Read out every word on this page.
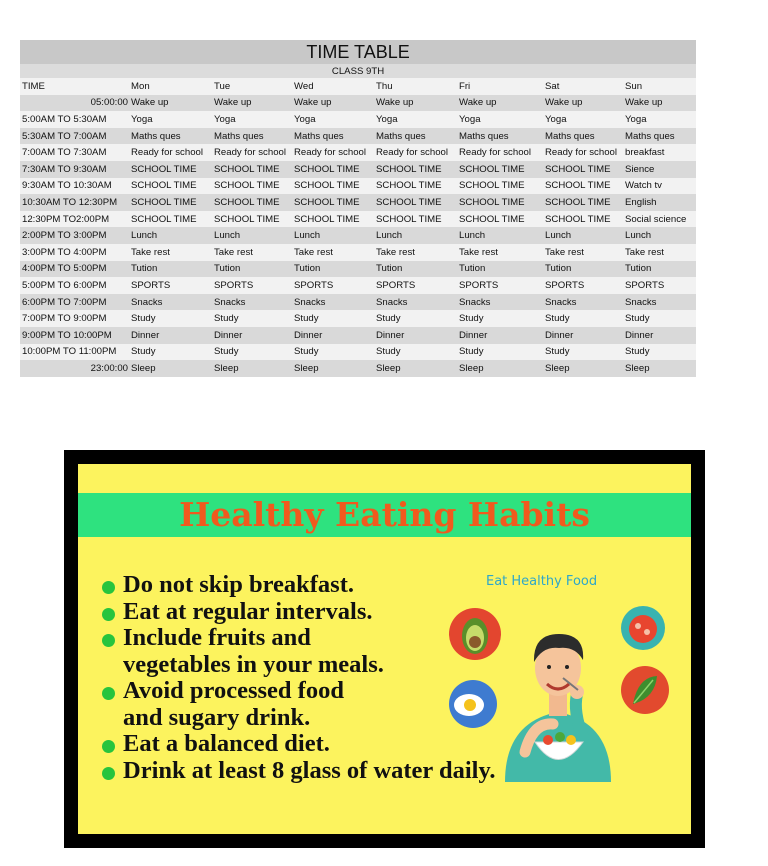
TIME TABLE							
CLASS 9TH							
TIME	Mon	Tue	Wed	Thu	Fri	Sat	Sun
05:00:00	Wake up	Wake up	Wake up	Wake up	Wake up	Wake up	Wake up
5:00AM TO 5:30AM	Yoga	Yoga	Yoga	Yoga	Yoga	Yoga	Yoga
5:30AM TO 7:00AM	Maths ques	Maths ques	Maths ques	Maths ques	Maths ques	Maths ques	Maths ques
7:00AM TO 7:30AM	Ready for school	Ready for school	Ready for school	Ready for school	Ready for school	Ready for school	breakfast
7:30AM TO 9:30AM	SCHOOL TIME	SCHOOL TIME	SCHOOL TIME	SCHOOL TIME	SCHOOL TIME	SCHOOL TIME	Sience
9:30AM TO 10:30AM	SCHOOL TIME	SCHOOL TIME	SCHOOL TIME	SCHOOL TIME	SCHOOL TIME	SCHOOL TIME	Watch tv
10:30AM TO 12:30PM	SCHOOL TIME	SCHOOL TIME	SCHOOL TIME	SCHOOL TIME	SCHOOL TIME	SCHOOL TIME	English
12:30PM TO2:00PM	SCHOOL TIME	SCHOOL TIME	SCHOOL TIME	SCHOOL TIME	SCHOOL TIME	SCHOOL TIME	Social science
2:00PM TO 3:00PM	Lunch	Lunch	Lunch	Lunch	Lunch	Lunch	Lunch
3:00PM TO 4:00PM	Take rest	Take rest	Take rest	Take rest	Take rest	Take rest	Take rest
4:00PM TO 5:00PM	Tution	Tution	Tution	Tution	Tution	Tution	Tution
5:00PM TO 6:00PM	SPORTS	SPORTS	SPORTS	SPORTS	SPORTS	SPORTS	SPORTS
6:00PM TO 7:00PM	Snacks	Snacks	Snacks	Snacks	Snacks	Snacks	Snacks
7:00PM TO 9:00PM	Study	Study	Study	Study	Study	Study	Study
9:00PM TO 10:00PM	Dinner	Dinner	Dinner	Dinner	Dinner	Dinner	Dinner
10:00PM TO 11:00PM	Study	Study	Study	Study	Study	Study	Study
23:00:00	Sleep	Sleep	Sleep	Sleep	Sleep	Sleep	Sleep
Healthy Eating Habits
Do not skip breakfast.
Eat at regular intervals.
Include fruits and
vegetables in your meals.
Avoid processed food
and sugary drink.
Eat a balanced diet.
Drink at least 8 glass of water daily.
Eat Healthy Food
